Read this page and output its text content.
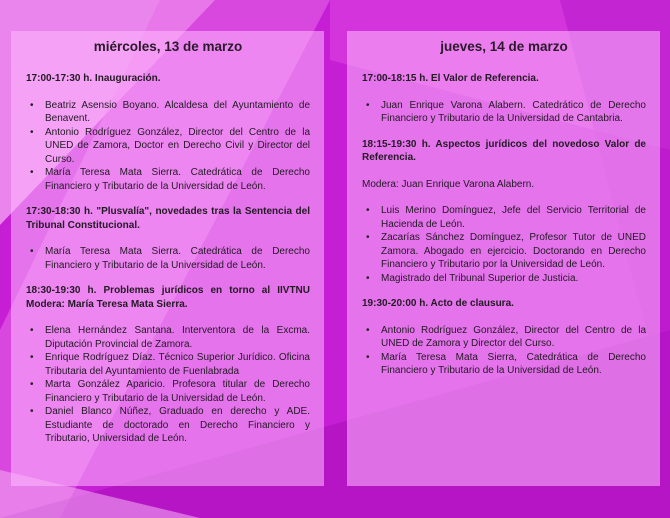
miércoles, 13 de marzo

17:00-17:30 h. Inauguración.

• Beatriz Asensio Boyano. Alcaldesa del Ayuntamiento de Benavent.
• Antonio Rodríguez González, Director del Centro de la UNED de Zamora, Doctor en Derecho Civil y Director del Curso.
• María Teresa Mata Sierra. Catedrática de Derecho Financiero y Tributario de la Universidad de León.

17:30-18:30 h. "Plusvalía", novedades tras la Sentencia del Tribunal Constitucional.

• María Teresa Mata Sierra. Catedrática de Derecho Financiero y Tributario de la Universidad de León.

18:30-19:30 h. Problemas jurídicos en torno al IIVTNU Modera: María Teresa Mata Sierra.

• Elena Hernández Santana. Interventora de la Excma. Diputación Provincial de Zamora.
• Enrique Rodríguez Díaz. Técnico Superior Jurídico. Oficina Tributaria del Ayuntamiento de Fuenlabrada
• Marta González Aparicio. Profesora titular de Derecho Financiero y Tributario de la Universidad de León.
• Daniel Blanco Núñez, Graduado en derecho y ADE. Estudiante de doctorado en Derecho Financiero y Tributario, Universidad de León.
jueves, 14 de marzo

17:00-18:15 h. El Valor de Referencia.

• Juan Enrique Varona Alabern. Catedrático de Derecho Financiero y Tributario de la Universidad de Cantabria.

18:15-19:30 h. Aspectos jurídicos del novedoso Valor de Referencia.

Modera: Juan Enrique Varona Alabern.

• Luis Merino Domínguez, Jefe del Servicio Territorial de Hacienda de León.
• Zacarías Sánchez Domínguez, Profesor Tutor de UNED Zamora. Abogado en ejercicio. Doctorando en Derecho Financiero y Tributario por la Universidad de León.
• Magistrado del Tribunal Superior de Justicia.

19:30-20:00 h. Acto de clausura.

• Antonio Rodríguez González, Director del Centro de la UNED de Zamora y Director del Curso.
• María Teresa Mata Sierra, Catedrática de Derecho Financiero y Tributario de la Universidad de León.
